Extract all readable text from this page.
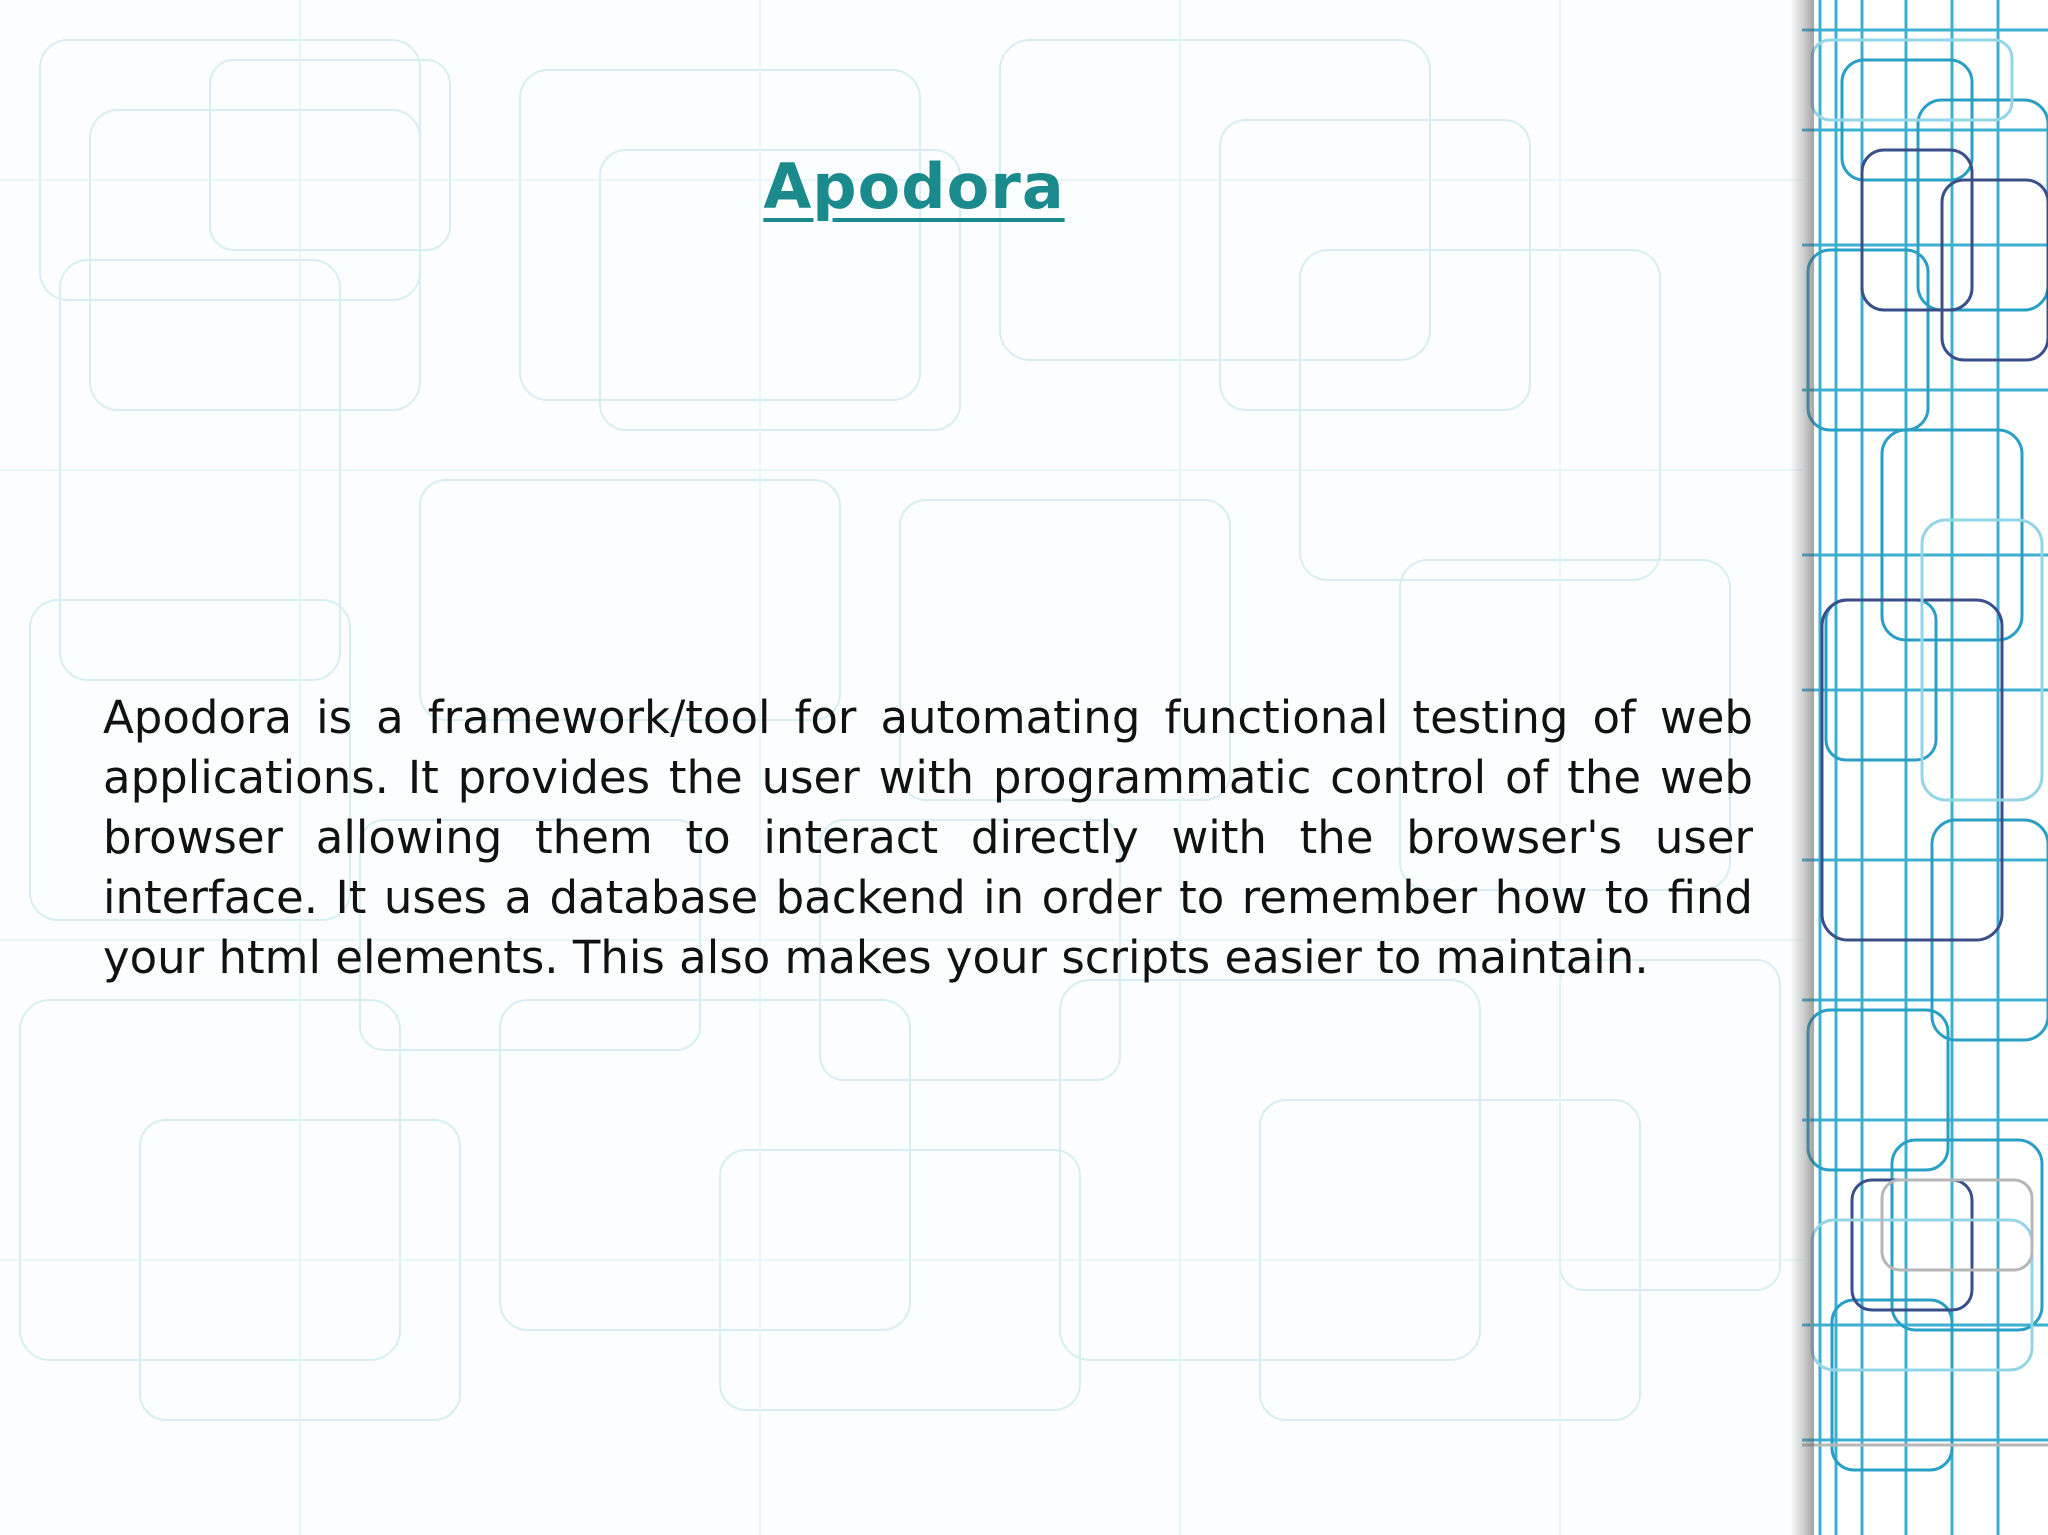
Apodora

Apodora is a framework/tool for automating functional testing of web applications. It provides the user with programmatic control of the web browser allowing them to interact directly with the browser's user interface. It uses a database backend in order to remember how to find your html elements. This also makes your scripts easier to maintain.
